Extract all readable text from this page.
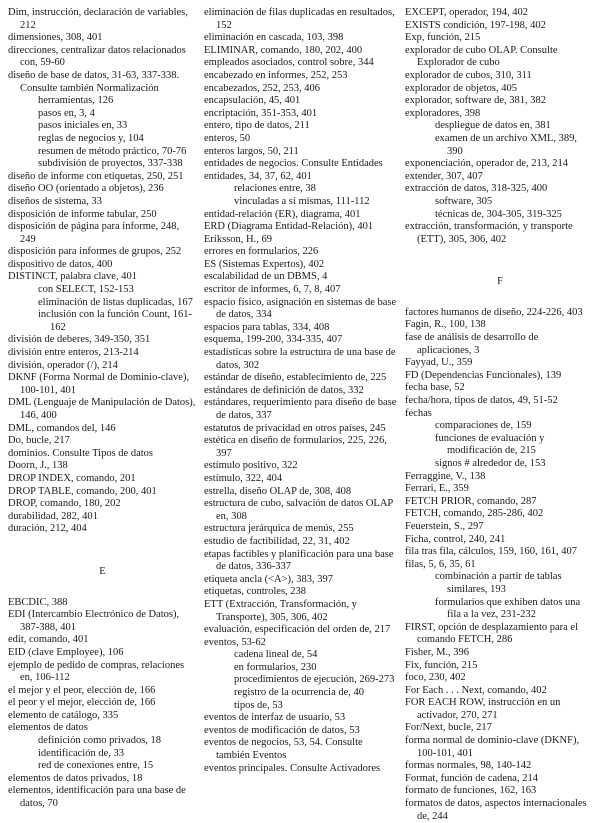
Dim, instrucción, declaración de variables, 212

dimensiones, 308, 401

direcciones, centralizar datos relacionados con, 59-60

diseño de base de datos, 31-63, 337-338. Consulte también Normalización

herramientas, 126

pasos en, 3, 4

pasos iniciales en, 33

reglas de negocios y, 104

resumen de método práctico, 70-76

subdivisión de proyectos, 337-338

diseño de informe con etiquetas, 250, 251

diseño OO (orientado a objetos), 236

diseños de sistema, 33

disposición de informe tabular, 250

disposición de página para informe, 248, 249

disposición para informes de grupos, 252

dispositivo de datos, 400

DISTINCT, palabra clave, 401

con SELECT, 152-153

eliminación de listas duplicadas, 167

inclusión con la función Count, 161-162

división de deberes, 349-350, 351

división entre enteros, 213-214

división, operador (/), 214

DKNF (Forma Normal de Dominio-clave), 100-101, 401

DML (Lenguaje de Manipulación de Datos), 146, 400

DML, comandos del, 146

Do, bucle, 217

dominios. Consulte Tipos de datos

Doorn, J., 138

DROP INDEX, comando, 201

DROP TABLE, comando, 200, 401

DROP, comando, 180, 202

durabilidad, 282, 401

duración, 212, 404

E

EBCDIC, 388

EDI (Intercambio Electrónico de Datos), 387-388, 401

edit, comando, 401

EID (clave Employee), 106

ejemplo de pedido de compras, relaciones en, 106-112

el mejor y el peor, elección de, 166

el peor y el mejor, elección de, 166

elemento de catálogo, 335

elementos de datos

definición como privados, 18

identificación de, 33

red de conexiones entre, 15

elementos de datos privados, 18

elementos, identificación para una base de datos, 70

eliminación de filas duplicadas en resultados, 152

eliminación en cascada, 103, 398

ELIMINAR, comando, 180, 202, 400

empleados asociados, control sobre, 344

encabezado en informes, 252, 253

encabezados, 252, 253, 406

encapsulación, 45, 401

encriptación, 351-353, 401

entero, tipo de datos, 211

enteros, 50

enteros largos, 50, 211

entidades de negocios. Consulte Entidades

entidades, 34, 37, 62, 401

relaciones entre, 38

vinculadas a sí mismas, 111-112

entidad-relación (ER), diagrama, 401

ERD (Diagrama Entidad-Relación), 401

Eriksson, H., 69

errores en formularios, 226

ES (Sistemas Expertos), 402

escalabilidad de un DBMS, 4

escritor de informes, 6, 7, 8, 407

espacio físico, asignación en sistemas de base de datos, 334

espacios para tablas, 334, 408

esquema, 199-200, 334-335, 407

estadísticas sobre la estructura de una base de datos, 302

estándar de diseño, establecimiento de, 225

estándares de definición de datos, 332

estándares, requerimiento para diseño de base de datos, 337

estatutos de privacidad en otros países, 245

estética en diseño de formularios, 225, 226, 397

estímulo positivo, 322

estímulo, 322, 404

estrella, diseño OLAP de, 308, 408

estructura de cubo, salvación de datos OLAP en, 308

estructura jerárquica de menús, 255

estudio de factibilidad, 22, 31, 402

etapas factibles y planificación para una base de datos, 336-337

etiqueta ancla (<A>), 383, 397

etiquetas, controles, 238

ETT (Extracción, Transformación, y Transporte), 305, 306, 402

evaluación, especificación del orden de, 217

eventos, 53-62

cadena lineal de, 54

en formularios, 230

procedimientos de ejecución, 269-273

registro de la ocurrencia de, 40

tipos de, 53

eventos de interfaz de usuario, 53

eventos de modificación de datos, 53

eventos de negocios, 53, 54. Consulte también Eventos

eventos principales. Consulte Activadores

EXCEPT, operador, 194, 402

EXISTS condición, 197-198, 402

Exp, función, 215

explorador de cubo OLAP. Consulte Explorador de cubo

explorador de cubos, 310, 311

explorador de objetos, 405

explorador, software de, 381, 382

exploradores, 398

despliegue de datos en, 381

examen de un archivo XML, 389, 390

exponenciación, operador de, 213, 214

extender, 307, 407

extracción de datos, 318-325, 400

software, 305

técnicas de, 304-305, 319-325

extracción, transformación, y transporte (ETT), 305, 306, 402

F

factores humanos de diseño, 224-226, 403

Fagin, R., 100, 138

fase de análisis de desarrollo de aplicaciones, 3

Fayyad, U., 359

FD (Dependencias Funcionales), 139

fecha base, 52

fecha/hora, tipos de datos, 49, 51-52

fechas

comparaciones de, 159

funciones de evaluación y modificación de, 215

signos # alrededor de, 153

Ferraggine, V., 138

Ferrari, E., 359

FETCH PRIOR, comando, 287

FETCH, comando, 285-286, 402

Feuerstein, S., 297

Ficha, control, 240, 241

fila tras fila, cálculos, 159, 160, 161, 407

filas, 5, 6, 35, 61

combinación a partir de tablas similares, 193

formularios que exhiben datos una fila a la vez, 231-232

FIRST, opción de desplazamiento para el comando FETCH, 286

Fisher, M., 396

Fix, función, 215

foco, 230, 402

For Each . . . Next, comando, 402

FOR EACH ROW, instrucción en un activador, 270, 271

For/Next, bucle, 217

forma normal de dominio-clave (DKNF), 100-101, 401

formas normales, 98, 140-142

Format, función de cadena, 214

formato de funciones, 162, 163

formatos de datos, aspectos internacionales de, 244
